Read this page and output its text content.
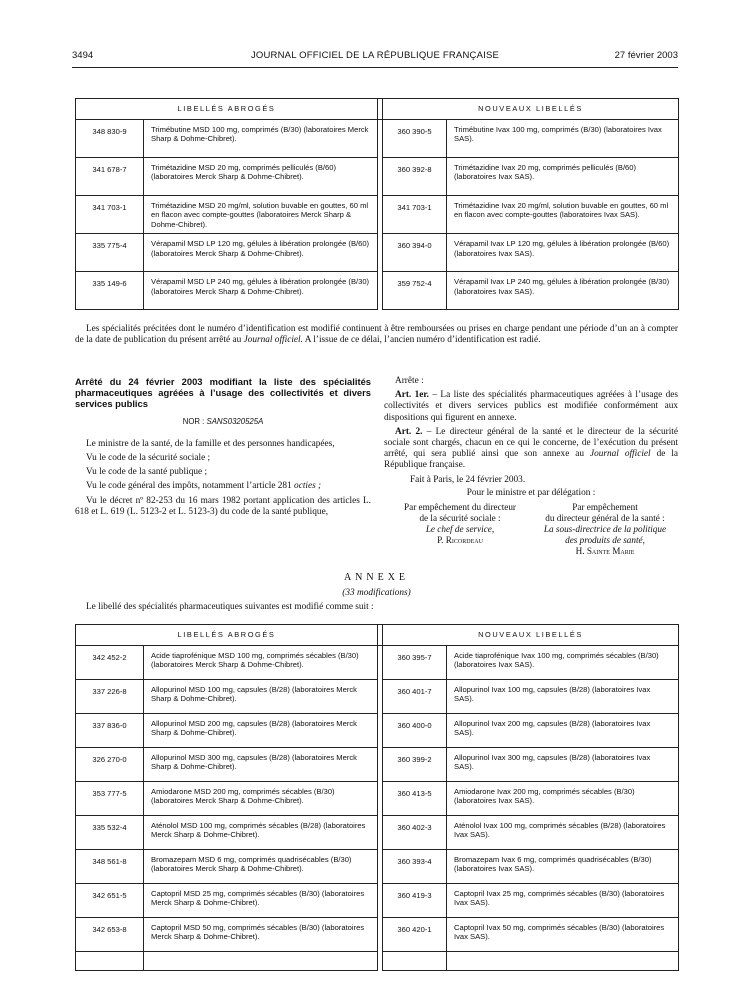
3494	JOURNAL OFFICIEL DE LA RÉPUBLIQUE FRANÇAISE	27 février 2003
LIBELLÉS ABROGÉS			NOUVEAUX LIBELLÉS	
348 830-9	Trimébutine MSD 100 mg, comprimés (B/30) (laboratoires Merck Sharp & Dohme-Chibret).		360 390-5	Trimébutine Ivax 100 mg, comprimés (B/30) (laboratoires Ivax SAS).
341 678-7	Trimétazidine MSD 20 mg, comprimés pelliculés (B/60) (laboratoires Merck Sharp & Dohme-Chibret).		360 392-8	Trimétazidine Ivax 20 mg, comprimés pelliculés (B/60) (laboratoires Ivax SAS).
341 703-1	Trimétazidine MSD 20 mg/ml, solution buvable en gouttes, 60 ml en flacon avec compte-gouttes (laboratoires Merck Sharp & Dohme-Chibret).		341 703-1	Trimétazidine Ivax 20 mg/ml, solution buvable en gouttes, 60 ml en flacon avec compte-gouttes (laboratoires Ivax SAS).
335 775-4	Vérapamil MSD LP 120 mg, gélules à libération prolongée (B/60) (laboratoires Merck Sharp & Dohme-Chibret).		360 394-0	Vérapamil Ivax LP 120 mg, gélules à libération prolongée (B/60) (laboratoires Ivax SAS).
335 149-6	Vérapamil MSD LP 240 mg, gélules à libération prolongée (B/30) (laboratoires Merck Sharp & Dohme-Chibret).		359 752-4	Vérapamil Ivax LP 240 mg, gélules à libération prolongée (B/30) (laboratoires Ivax SAS).

Les spécialités précitées dont le numéro d’identification est modifié continuent à être remboursées ou prises en charge pendant une période d’un an à compter de la date de publication du présent arrêté au Journal officiel. A l’issue de ce délai, l’ancien numéro d’identification est radié.

Arrêté du 24 février 2003 modifiant la liste des spécialités pharmaceutiques agréées à l’usage des collectivités et divers services publics

NOR : SANS0320525A

Le ministre de la santé, de la famille et des personnes handicapées,

Vu le code de la sécurité sociale ;

Vu le code de la santé publique ;

Vu le code général des impôts, notamment l’article 281 octies ;

Vu le décret nº 82-253 du 16 mars 1982 portant application des articles L. 618 et L. 619 (L. 5123-2 et L. 5123-3) du code de la santé publique,

Arrête :

Art. 1er. – La liste des spécialités pharmaceutiques agréées à l’usage des collectivités et divers services publics est modifiée conformément aux dispositions qui figurent en annexe.

Art. 2. – Le directeur général de la santé et le directeur de la sécurité sociale sont chargés, chacun en ce qui le concerne, de l’exécution du présent arrêté, qui sera publié ainsi que son annexe au Journal officiel de la République française.

Fait à Paris, le 24 février 2003.

Pour le ministre et par délégation :

Par empêchement du directeur
de la sécurité sociale :
Le chef de service,
P. Ricordeau
Par empêchement
du directeur général de la santé :
La sous-directrice de la politique
des produits de santé,
H. Sainte Marie
ANNEXE
(33 modifications)
Le libellé des spécialités pharmaceutiques suivantes est modifié comme suit :
LIBELLÉS ABROGÉS			NOUVEAUX LIBELLÉS	
342 452-2	Acide tiaprofénique MSD 100 mg, comprimés sécables (B/30) (laboratoires Merck Sharp & Dohme-Chibret).		360 395-7	Acide tiaprofénique Ivax 100 mg, comprimés sécables (B/30) (laboratoires Ivax SAS).
337 226-8	Allopurinol MSD 100 mg, capsules (B/28) (laboratoires Merck Sharp & Dohme-Chibret).		360 401-7	Allopurinol Ivax 100 mg, capsules (B/28) (laboratoires Ivax SAS).
337 836-0	Allopurinol MSD 200 mg, capsules (B/28) (laboratoires Merck Sharp & Dohme-Chibret).		360 400-0	Allopurinol Ivax 200 mg, capsules (B/28) (laboratoires Ivax SAS).
326 270-0	Allopurinol MSD 300 mg, capsules (B/28) (laboratoires Merck Sharp & Dohme-Chibret).		360 399-2	Allopurinol Ivax 300 mg, capsules (B/28) (laboratoires Ivax SAS).
353 777-5	Amiodarone MSD 200 mg, comprimés sécables (B/30) (laboratoires Merck Sharp & Dohme-Chibret).		360 413-5	Amiodarone Ivax 200 mg, comprimés sécables (B/30) (laboratoires Ivax SAS).
335 532-4	Aténolol MSD 100 mg, comprimés sécables (B/28) (laboratoires Merck Sharp & Dohme-Chibret).		360 402-3	Aténolol Ivax 100 mg, comprimés sécables (B/28) (laboratoires Ivax SAS).
348 561-8	Bromazepam MSD 6 mg, comprimés quadrisécables (B/30) (laboratoires Merck Sharp & Dohme-Chibret).		360 393-4	Bromazepam Ivax 6 mg, comprimés quadrisécables (B/30) (laboratoires Ivax SAS).
342 651-5	Captopril MSD 25 mg, comprimés sécables (B/30) (laboratoires Merck Sharp & Dohme-Chibret).		360 419-3	Captopril Ivax 25 mg, comprimés sécables (B/30) (laboratoires Ivax SAS).
342 653-8	Captopril MSD 50 mg, comprimés sécables (B/30) (laboratoires Merck Sharp & Dohme-Chibret).		360 420-1	Captopril Ivax 50 mg, comprimés sécables (B/30) (laboratoires Ivax SAS).
